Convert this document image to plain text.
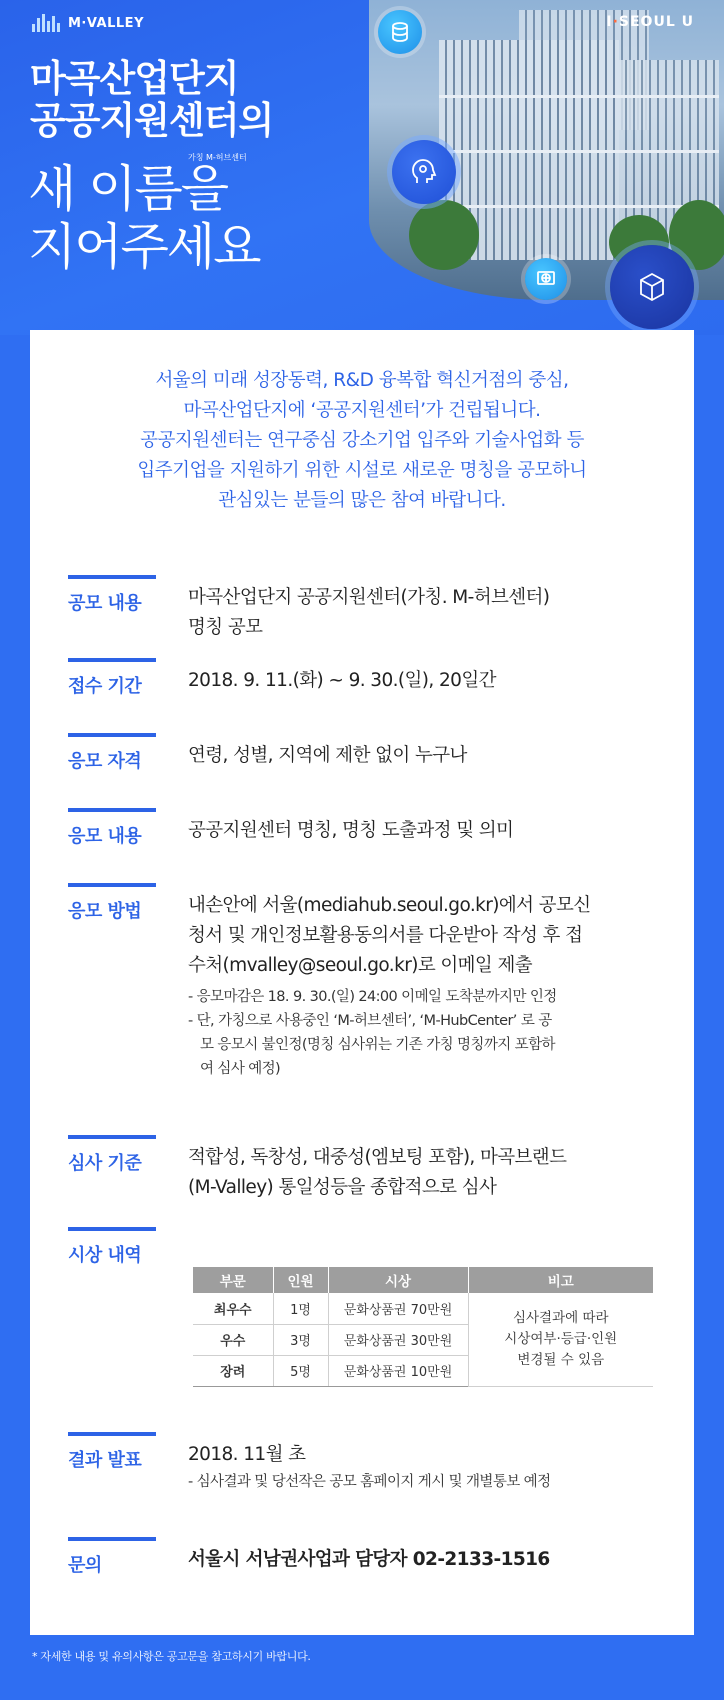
M·VALLEY	I·SEOUL U
마곡산업단지
공공지원센터의
가칭 M-허브센터
새 이름을
지어주세요
서울의 미래 성장동력, R&D 융복합 혁신거점의 중심,
마곡산업단지에 ‘공공지원센터’가 건립됩니다.
공공지원센터는 연구중심 강소기업 입주와 기술사업화 등
입주기업을 지원하기 위한 시설로 새로운 명칭을 공모하니
관심있는 분들의 많은 참여 바랍니다.
공모 내용	마곡산업단지 공공지원센터(가칭. M-허브센터)
명칭 공모
접수 기간	2018. 9. 11.(화) ~ 9. 30.(일), 20일간
응모 자격	연령, 성별, 지역에 제한 없이 누구나
응모 내용	공공지원센터 명칭, 명칭 도출과정 및 의미
응모 방법	내손안에 서울(mediahub.seoul.go.kr)에서 공모신
청서 및 개인정보활용동의서를 다운받아 작성 후 접
수처(mvalley@seoul.go.kr)로 이메일 제출
- 응모마감은 18. 9. 30.(일) 24:00 이메일 도착분까지만 인정
- 단, 가칭으로 사용중인 ‘M-허브센터’, ‘M-HubCenter’ 로 공
모 응모시 불인정(명칭 심사위는 기존 가칭 명칭까지 포함하
여 심사 예정)
심사 기준	적합성, 독창성, 대중성(엠보팅 포함), 마곡브랜드
(M-Valley) 통일성등을 종합적으로 심사
시상 내역
부문	인원	시상	비고
최우수	1명	문화상품권 70만원	심사결과에 따라
시상여부·등급·인원
변경될 수 있음

우수	3명	문화상품권 30만원	
장려	5명	문화상품권 10만원	
결과 발표	2018. 11월 초
- 심사결과 및 당선작은 공모 홈페이지 게시 및 개별통보 예정
문의	서울시 서남권사업과 담당자 02-2133-1516
* 자세한 내용 및 유의사항은 공고문을 참고하시기 바랍니다.
